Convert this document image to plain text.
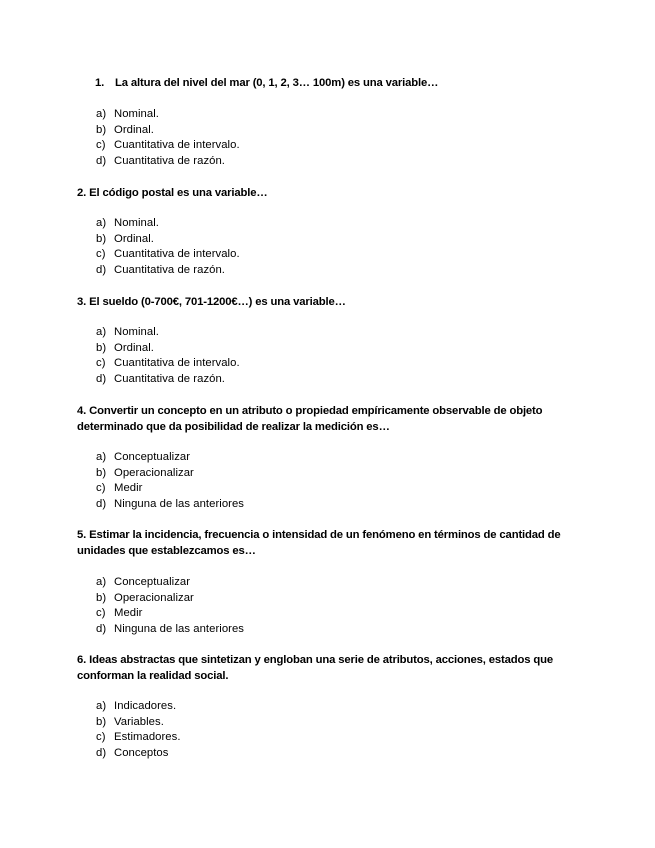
1. La altura del nivel del mar (0, 1, 2, 3… 100m) es una variable…

a) Nominal.
b) Ordinal.
c) Cuantitativa de intervalo.
d) Cuantitativa de razón.

2. El código postal es una variable…

a) Nominal.
b) Ordinal.
c) Cuantitativa de intervalo.
d) Cuantitativa de razón.

3. El sueldo (0-700€, 701-1200€…) es una variable…

a) Nominal.
b) Ordinal.
c) Cuantitativa de intervalo.
d) Cuantitativa de razón.

4. Convertir un concepto en un atributo o propiedad empíricamente observable de objeto determinado que da posibilidad de realizar la medición es…

a) Conceptualizar
b) Operacionalizar
c) Medir
d) Ninguna de las anteriores

5. Estimar la incidencia, frecuencia o intensidad de un fenómeno en términos de cantidad de unidades que establezcamos es…

a) Conceptualizar
b) Operacionalizar
c) Medir
d) Ninguna de las anteriores

6. Ideas abstractas que sintetizan y engloban una serie de atributos, acciones, estados que conforman la realidad social.

a) Indicadores.
b) Variables.
c) Estimadores.
d) Conceptos
